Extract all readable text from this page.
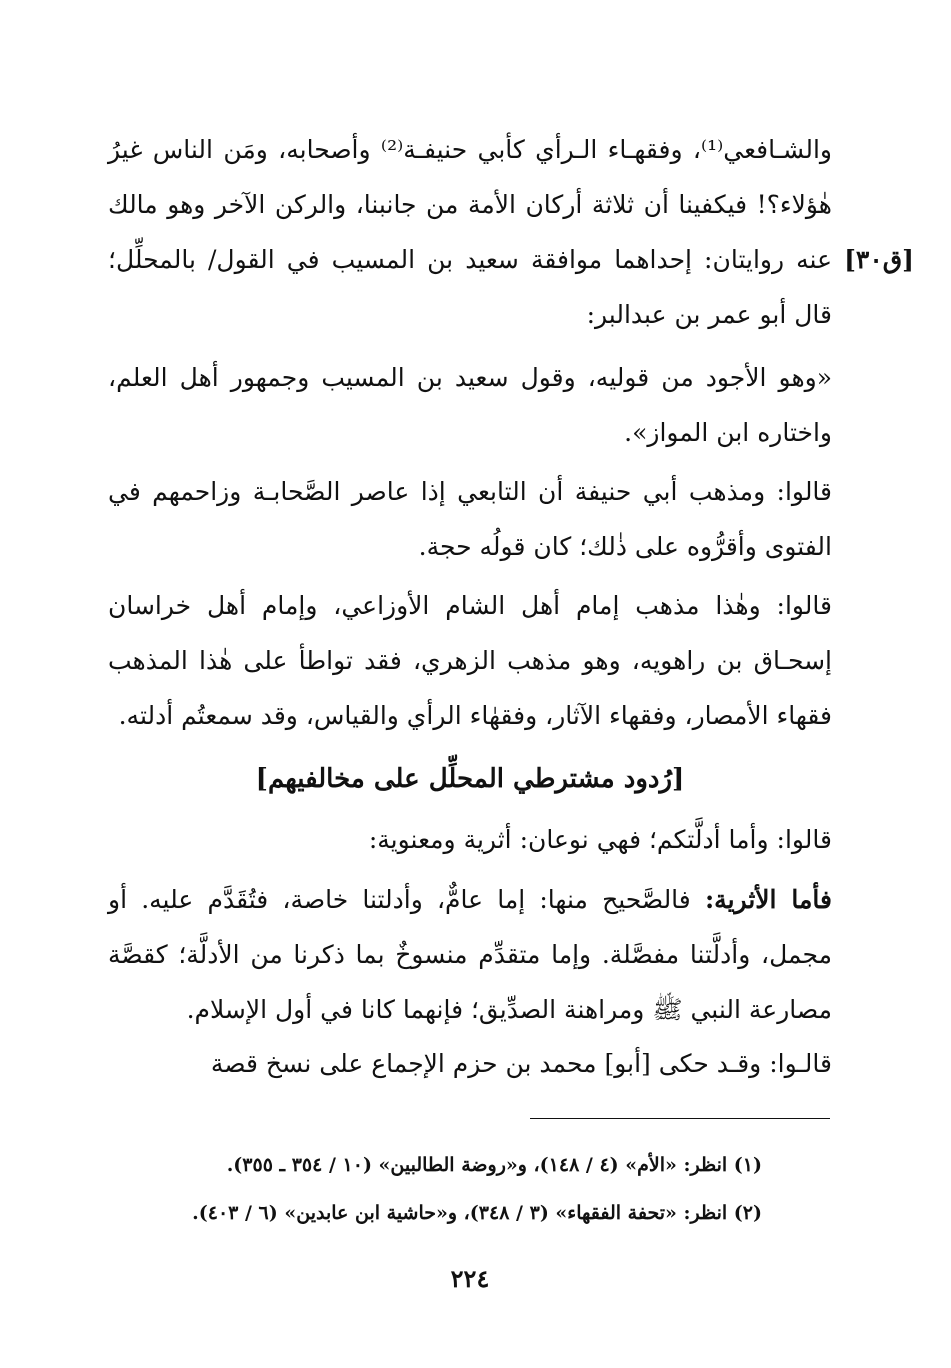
[ق٣٠]

والشـافعي⁽¹⁾، وفقهـاء الـرأي كأبي حنيفـة⁽²⁾ وأصحابه، ومَن الناس غيرُ هٰؤلاء؟! فيكفينا أن ثلاثة أركان الأمة من جانبنا، والركن الآخر وهو مالك عنه روايتان: إحداهما موافقة سعيد بن المسيب في القول/ بالمحلِّل؛ قال أبو عمر بن عبدالبر:

«وهو الأجود من قوليه، وقول سعيد بن المسيب وجمهور أهل العلم، واختاره ابن المواز».

قالوا: ومذهب أبي حنيفة أن التابعي إذا عاصر الصَّحابـة وزاحمهم في الفتوى وأقرُّوه على ذٰلك؛ كان قولُه حجة.

قالوا: وهٰذا مذهب إمام أهل الشام الأوزاعي، وإمام أهل خراسان إسحـاق بن راهويه، وهو مذهب الزهري، فقد تواطأ على هٰذا المذهب فقهاء الأمصار، وفقهاء الآثار، وفقهٰاء الرأي والقياس، وقد سمعتُم أدلته.

[رُدود مشترطي المحلِّل على مخالفيهم]

قالوا: وأما أدلَّتكم؛ فهي نوعان: أثرية ومعنوية:

فأما الأثرية: فالصَّحيح منها: إما عامٌّ، وأدلتنا خاصة، فتُقَدَّم عليه. أو مجمل، وأدلَّتنا مفصَّلة. وإما متقدِّم منسوخٌ بما ذكرنا من الأدلَّة؛ كقصَّة مصارعة النبي ﷺ ومراهنة الصدِّيق؛ فإنهما كانا في أول الإسلام.

قالـوا: وقـد حكى [أبو] محمد بن حزم الإجماع على نسخ قصة

(١) انظر: «الأم» (٤ / ١٤٨)، و«روضة الطالبين» (١٠ / ٣٥٤ ـ ٣٥٥).

(٢) انظر: «تحفة الفقهاء» (٣ / ٣٤٨)، و«حاشية ابن عابدين» (٦ / ٤٠٣).

٢٢٤
